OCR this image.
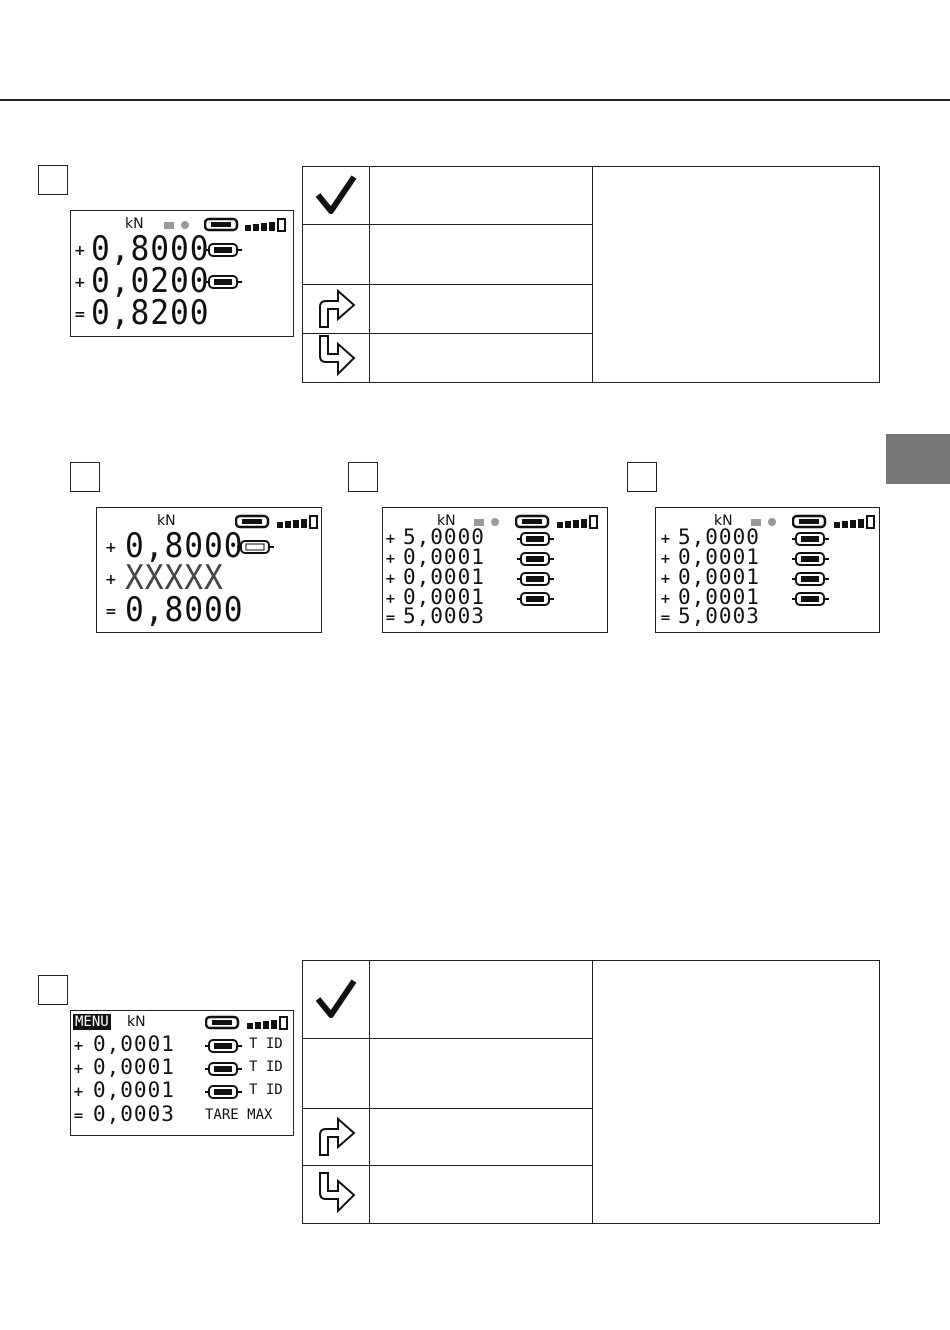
kN
+ 0,8000
+ 0,0200
= 0,8200

kN
+ 0,8000
+ XXXXX
= 0,8000
kN
+ 5,0000
+ 0,0001
+ 0,0001
+ 0,0001
= 5,0003
kN
+ 5,0000
+ 0,0001
+ 0,0001
+ 0,0001
= 5,0003
MENU kN
+ 0,0001	T ID
+ 0,0001	T ID
+ 0,0001	T ID
= 0,0003 TARE MAX
